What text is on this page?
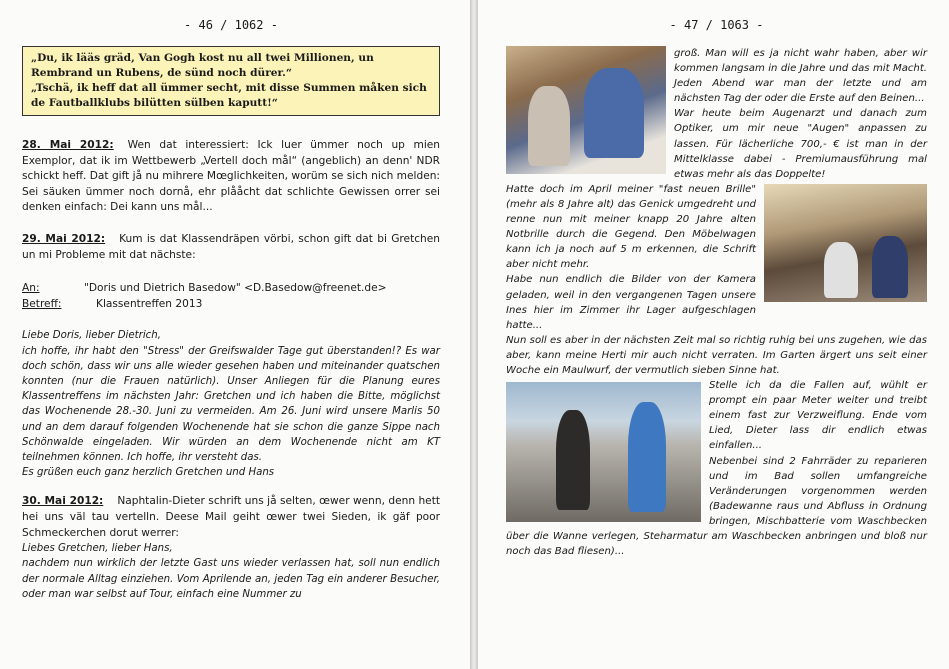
- 46 / 1062 -
„Du, ik lääs gräd, Van Gogh kost nu all twei Millionen, un Rembrand un Rubens, de sünd noch dürer.“
„Tschä, ik heff dat all ümmer secht, mit disse Summen måken sich de Fautballklubs bilütten sülben kaputt!“
28. Mai 2012: Wen dat interessiert: Ick luer ümmer noch up mien Exemplor, dat ik im Wettbewerb „Vertell doch mål“ (angeblich) an denn' NDR schickt heff. Dat gift jå nu mihrere Mœglichkeiten, worüm se sich nich melden: Sei säuken ümmer noch dornå, ehr plååcht dat schlichte Gewissen orrer sei denken einfach: Dei kann uns mål...
29. Mai 2012: Kum is dat Klassendräpen vörbi, schon gift dat bi Gretchen un mi Probleme mit dat nächste:
An:	"Doris und Dietrich Basedow" <D.Basedow@freenet.de>
Betreff:	Klassentreffen 2013
Liebe Doris, lieber Dietrich,
ich hoffe, ihr habt den "Stress" der Greifswalder Tage gut überstanden!? Es war doch schön, dass wir uns alle wieder gesehen haben und miteinander quatschen konnten (nur die Frauen natürlich). Unser Anliegen für die Planung eures Klassentreffens im nächsten Jahr: Gretchen und ich haben die Bitte, möglichst das Wochenende 28.-30. Juni zu vermeiden. Am 26. Juni wird unsere Marlis 50 und an dem darauf folgenden Wochenende hat sie schon die ganze Sippe nach Schönwalde eingeladen. Wir würden an dem Wochenende nicht am KT teilnehmen können. Ich hoffe, ihr versteht das.
Es grüßen euch ganz herzlich Gretchen und Hans
30. Mai 2012: Naphtalin-Dieter schrift uns jå selten, œwer wenn, denn hett hei uns väl tau vertelln. Deese Mail geiht œwer twei Sieden, ik gäf poor Schmeckerchen dorut werrer:
Liebes Gretchen, lieber Hans,
nachdem nun wirklich der letzte Gast uns wieder verlassen hat, soll nun endlich der normale Alltag einziehen. Vom Aprilende an, jeden Tag ein anderer Besucher, oder man war selbst auf Tour, einfach eine Nummer zu
- 47 / 1063 -
groß. Man will es ja nicht wahr haben, aber wir kommen langsam in die Jahre und das mit Macht. Jeden Abend war man der letzte und am nächsten Tag der oder die Erste auf den Beinen...
War heute beim Augenarzt und danach zum Optiker, um mir neue "Augen" anpassen zu lassen. Für lächerliche 700,- € ist man in der Mittelklasse dabei - Premiumausführung mal etwas mehr als das Doppelte!
Hatte doch im April meiner "fast neuen Brille" (mehr als 8 Jahre alt) das Genick umgedreht und renne nun mit meiner knapp 20 Jahre alten Notbrille durch die Gegend. Den Möbelwagen kann ich ja noch auf 5 m erkennen, die Schrift aber nicht mehr.
Habe nun endlich die Bilder von der Kamera geladen, weil in den vergangenen Tagen unsere Ines hier im Zimmer ihr Lager aufgeschlagen hatte...
Nun soll es aber in der nächsten Zeit mal so richtig ruhig bei uns zugehen, wie das aber, kann meine Herti mir auch nicht verraten. Im Garten ärgert uns seit einer Woche ein Maulwurf, der vermutlich sieben Sinne hat.
Stelle ich da die Fallen auf, wühlt er prompt ein paar Meter weiter und treibt einem fast zur Verzweiflung. Ende vom Lied, Dieter lass dir endlich etwas einfallen...
Nebenbei sind 2 Fahrräder zu reparieren und im Bad sollen umfangreiche Veränderungen vorgenommen werden (Badewanne raus und Abfluss in Ordnung bringen, Mischbatterie vom Waschbecken über die Wanne verlegen, Steharmatur am Waschbecken anbringen und bloß nur noch das Bad fliesen)...
